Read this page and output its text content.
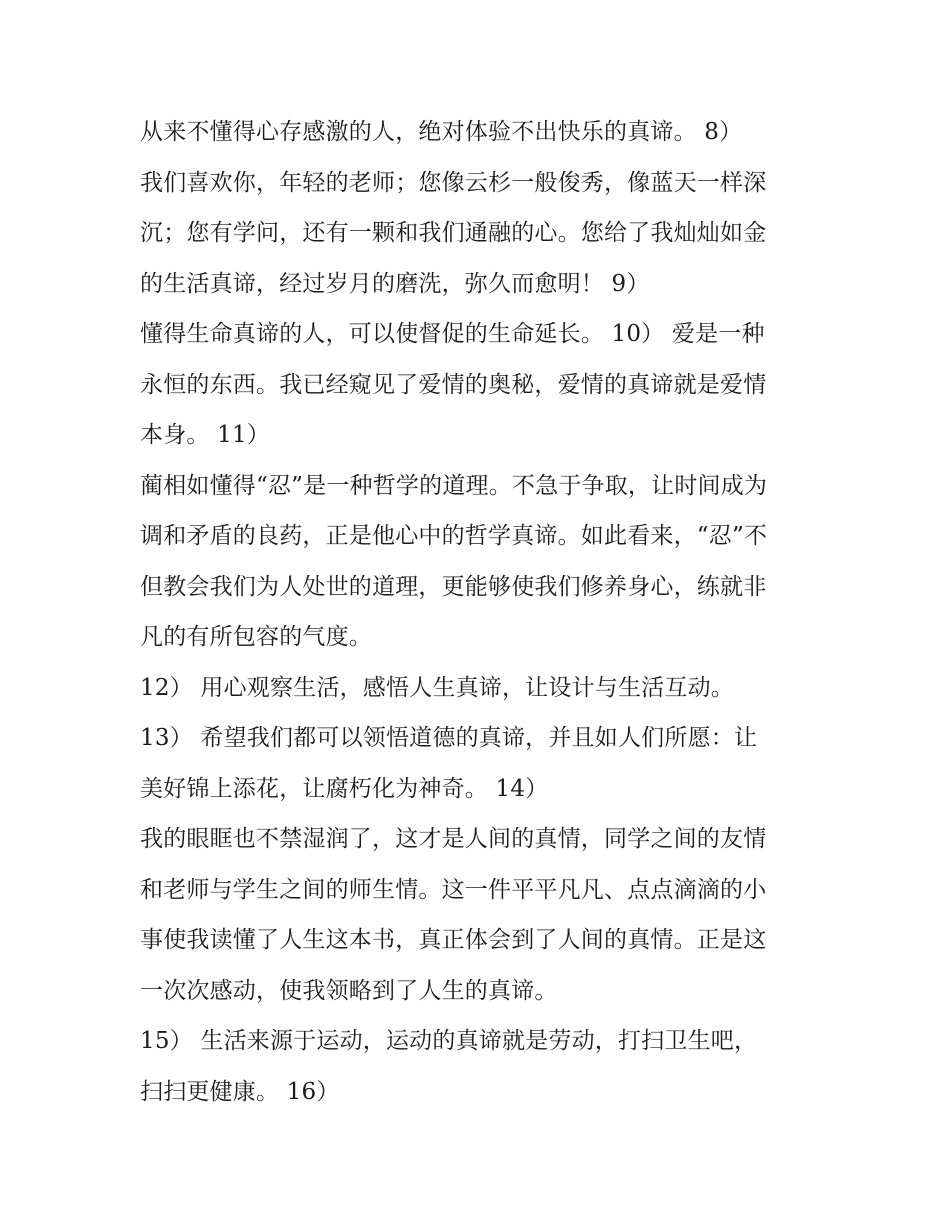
从来不懂得心存感激的人，绝对体验不出快乐的真谛。 8）
我们喜欢你，年轻的老师；您像云杉一般俊秀，像蓝天一样深
沉；您有学问，还有一颗和我们通融的心。您给了我灿灿如金
的生活真谛，经过岁月的磨洗，弥久而愈明！ 9）
懂得生命真谛的人，可以使督促的生命延长。 10） 爱是一种
永恒的东西。我已经窥见了爱情的奥秘，爱情的真谛就是爱情
本身。 11）
蔺相如懂得“忍”是一种哲学的道理。不急于争取，让时间成为
调和矛盾的良药，正是他心中的哲学真谛。如此看来，“忍”不
但教会我们为人处世的道理，更能够使我们修养身心，练就非
凡的有所包容的气度。
12） 用心观察生活，感悟人生真谛，让设计与生活互动。
13） 希望我们都可以领悟道德的真谛，并且如人们所愿：让
美好锦上添花，让腐朽化为神奇。 14）
我的眼眶也不禁湿润了，这才是人间的真情，同学之间的友情
和老师与学生之间的师生情。这一件平平凡凡、点点滴滴的小
事使我读懂了人生这本书，真正体会到了人间的真情。正是这
一次次感动，使我领略到了人生的真谛。
15） 生活来源于运动，运动的真谛就是劳动，打扫卫生吧，
扫扫更健康。 16）
